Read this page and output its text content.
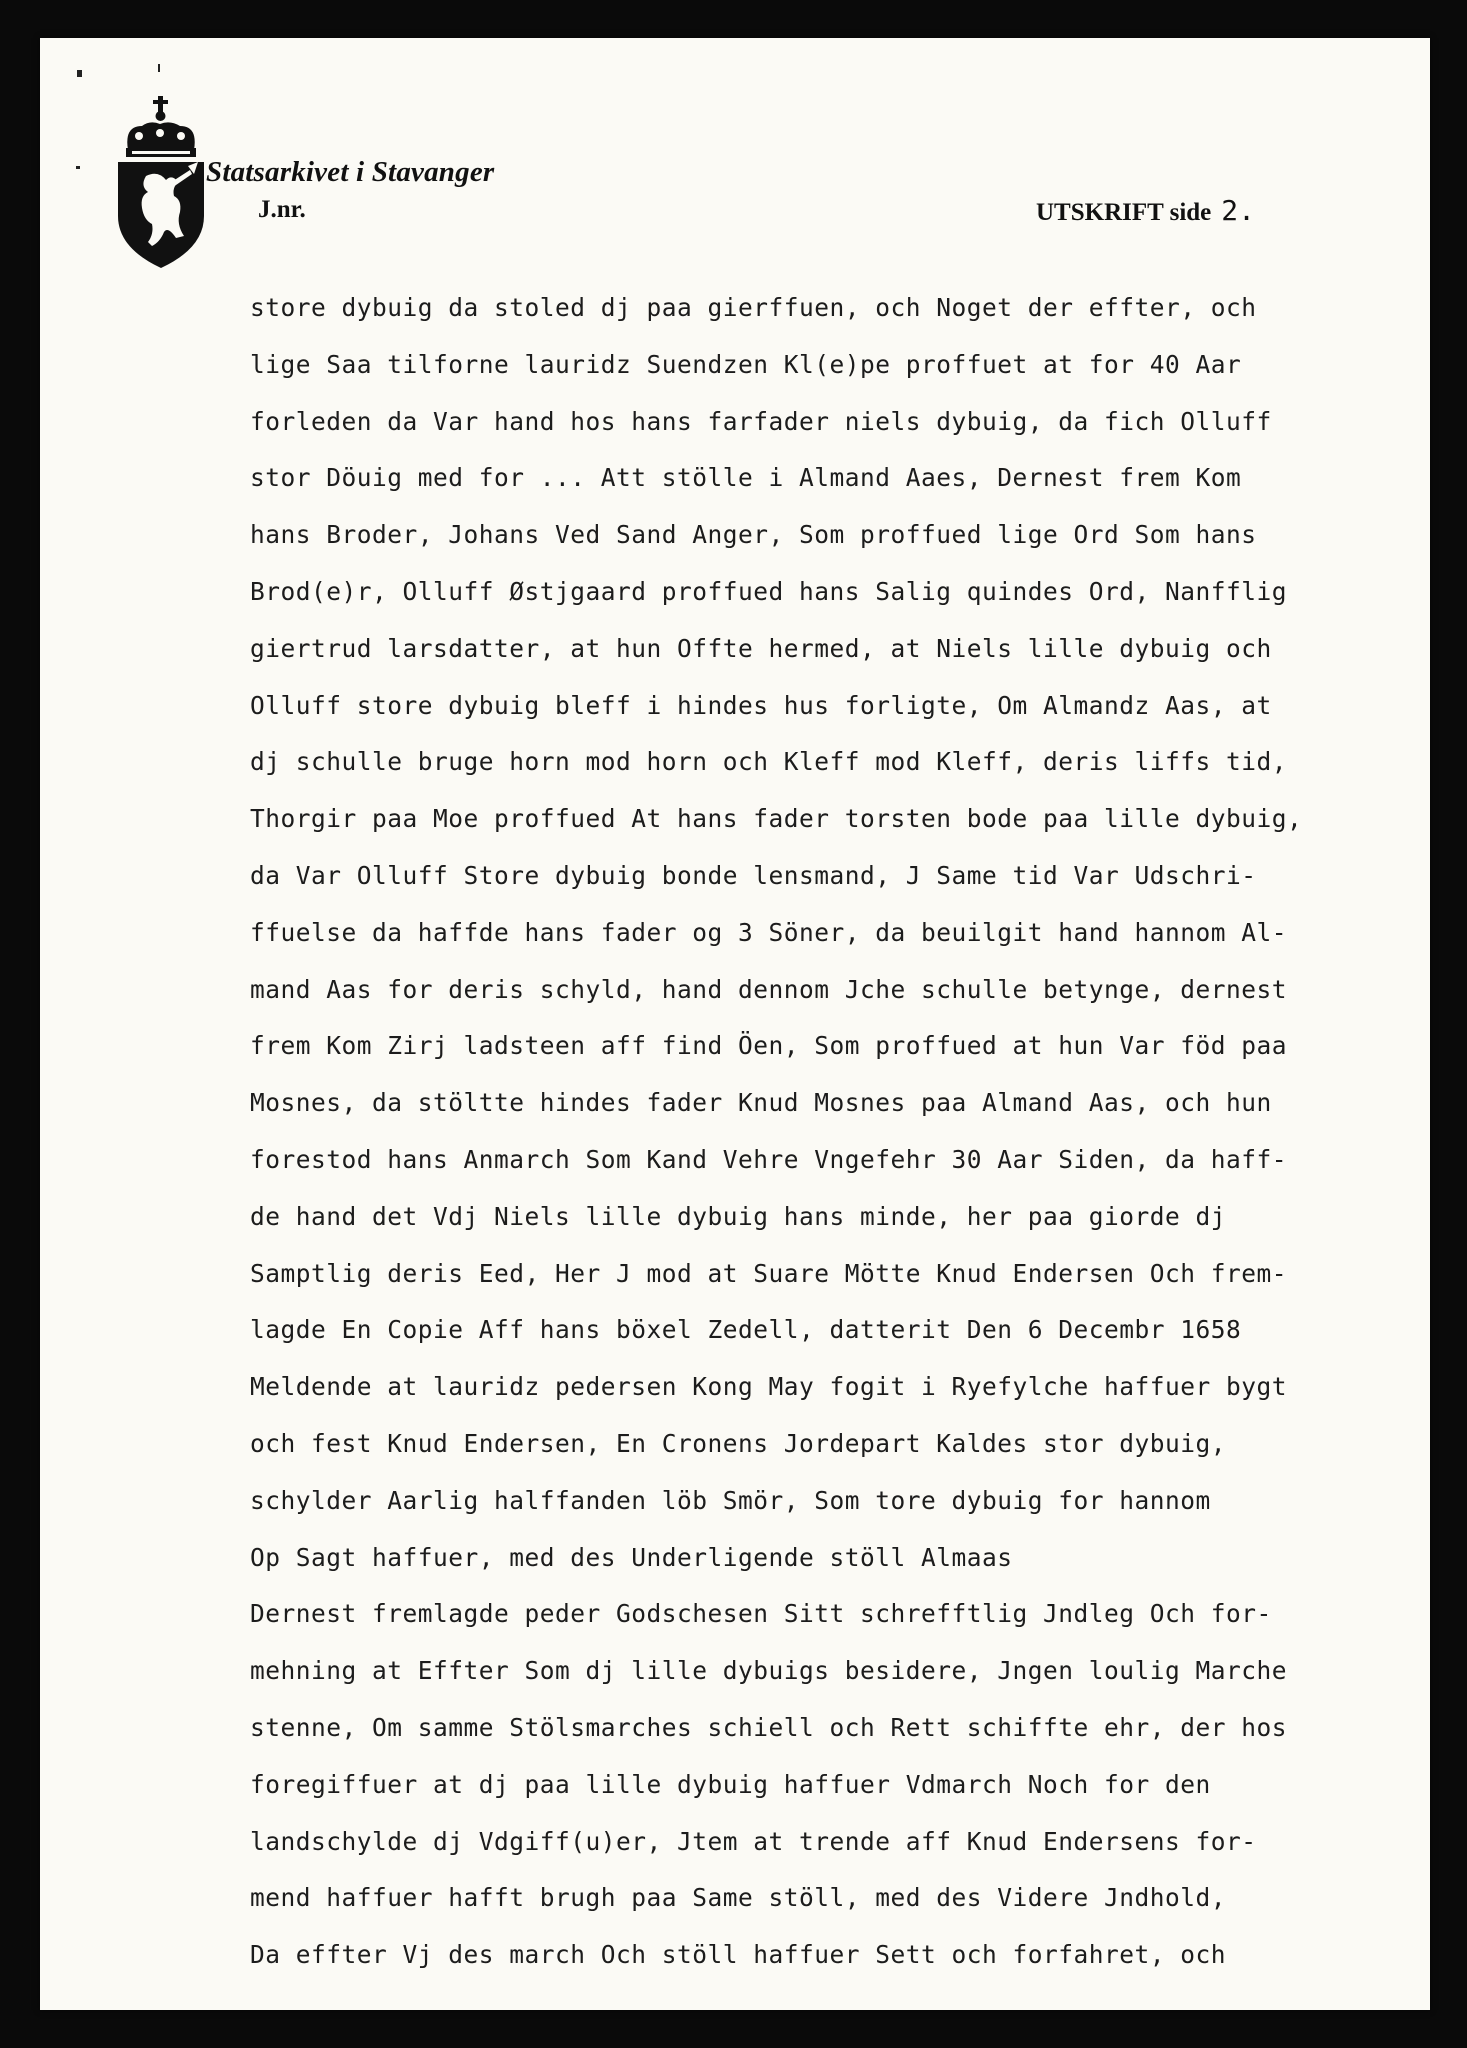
Statsarkivet i Stavanger
J.nr.	UTSKRIFT side 2.
store dybuig da stoled dj paa gierffuen, och Noget der effter, och
lige Saa tilforne lauridz Suendzen Kl(e)pe proffuet at for 40 Aar
forleden da Var hand hos hans farfader niels dybuig, da fich Olluff
stor Döuig med for ... Att stölle i Almand Aaes, Dernest frem Kom
hans Broder, Johans Ved Sand Anger, Som proffued lige Ord Som hans
Brod(e)r, Olluff Østjgaard proffued hans Salig quindes Ord, Nanfflig
giertrud larsdatter, at hun Offte hermed, at Niels lille dybuig och
Olluff store dybuig bleff i hindes hus forligte, Om Almandz Aas, at
dj schulle bruge horn mod horn och Kleff mod Kleff, deris liffs tid,
Thorgir paa Moe proffued At hans fader torsten bode paa lille dybuig,
da Var Olluff Store dybuig bonde lensmand, J Same tid Var Udschri-
ffuelse da haffde hans fader og 3 Söner, da beuilgit hand hannom Al-
mand Aas for deris schyld, hand dennom Jche schulle betynge, dernest
frem Kom Zirj ladsteen aff find Öen, Som proffued at hun Var föd paa
Mosnes, da stöltte hindes fader Knud Mosnes paa Almand Aas, och hun
forestod hans Anmarch Som Kand Vehre Vngefehr 30 Aar Siden, da haff-
de hand det Vdj Niels lille dybuig hans minde, her paa giorde dj
Samptlig deris Eed, Her J mod at Suare Mötte Knud Endersen Och frem-
lagde En Copie Aff hans böxel Zedell, datterit Den 6 Decembr 1658
Meldende at lauridz pedersen Kong May fogit i Ryefylche haffuer bygt
och fest Knud Endersen, En Cronens Jordepart Kaldes stor dybuig,
schylder Aarlig halffanden löb Smör, Som tore dybuig for hannom
Op Sagt haffuer, med des Underligende stöll Almaas
Dernest fremlagde peder Godschesen Sitt schrefftlig Jndleg Och for-
mehning at Effter Som dj lille dybuigs besidere, Jngen loulig Marche
stenne, Om samme Stölsmarches schiell och Rett schiffte ehr, der hos
foregiffuer at dj paa lille dybuig haffuer Vdmarch Noch for den
landschylde dj Vdgiff(u)er, Jtem at trende aff Knud Endersens for-
mend haffuer hafft brugh paa Same stöll, med des Videre Jndhold,
Da effter Vj des march Och stöll haffuer Sett och forfahret, och
